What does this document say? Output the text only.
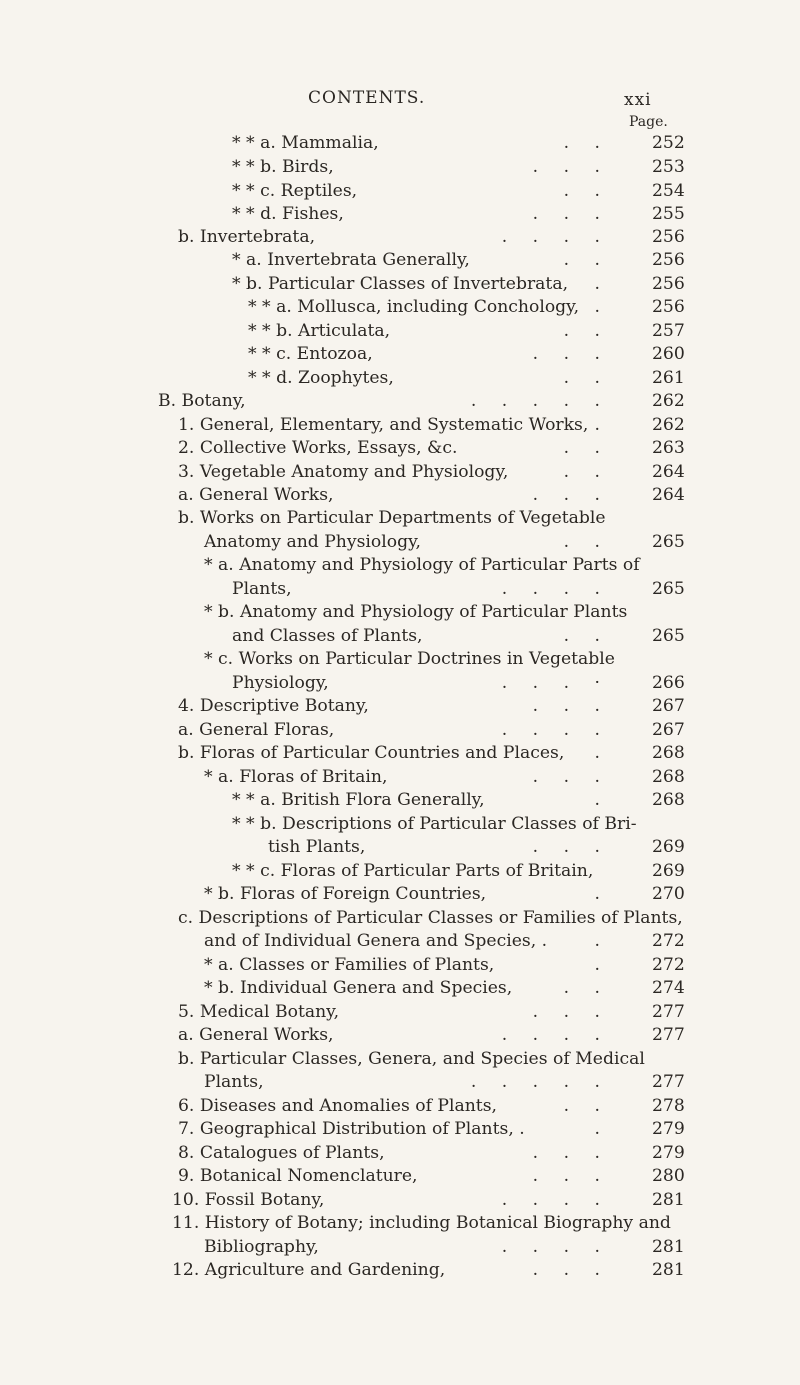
CONTENTS.	xxi
Page.
* * a. Mammalia,	. . 252
* * b. Birds,	. . . 253
* * c. Reptiles,	. . 254
* * d. Fishes,	. . . 255
b. Invertebrata,	. . . . 256
* a. Invertebrata Generally,	. . 256
* b. Particular Classes of Invertebrata, . 256
* * a. Mollusca, including Conchology, . 256
* * b. Articulata,	. . 257
* * c. Entozoa,	. . . 260
* * d. Zoophytes,	. . 261
B. Botany,	. . . . . 262
1. General, Elementary, and Systematic Works, . 262
2. Collective Works, Essays, &c.	. . 263
3. Vegetable Anatomy and Physiology,	. . 264
a. General Works,	. . . 264
b. Works on Particular Departments of Vegetable
Anatomy and Physiology,	. . 265
* a. Anatomy and Physiology of Particular Parts of
Plants,	. . . . 265
* b. Anatomy and Physiology of Particular Plants
and Classes of Plants,	. . 265
* c. Works on Particular Doctrines in Vegetable
Physiology,	. . . · 266
4. Descriptive Botany,	. . . 267
a. General Floras,	. . . . 267
b. Floras of Particular Countries and Places, . 268
* a. Floras of Britain,	. . . 268
* * a. British Flora Generally,	. 268
* * b. Descriptions of Particular Classes of Bri-
tish Plants,	. . . 269
* * c. Floras of Particular Parts of Britain,	269
* b. Floras of Foreign Countries,	. 270
c. Descriptions of Particular Classes or Families of Plants,
and of Individual Genera and Species, .	. 272
* a. Classes or Families of Plants,	. 272
* b. Individual Genera and Species,	. . 274
5. Medical Botany,	. . . 277
a. General Works,	. . . . 277
b. Particular Classes, Genera, and Species of Medical
Plants,	. . . . . 277
6. Diseases and Anomalies of Plants,	. . 278
7. Geographical Distribution of Plants, .	. 279
8. Catalogues of Plants,	. . . 279
9. Botanical Nomenclature,	. . . 280
10. Fossil Botany,	. . . . 281
11. History of Botany; including Botanical Biography and
Bibliography,	. . . . 281
12. Agriculture and Gardening,	. . . 281
